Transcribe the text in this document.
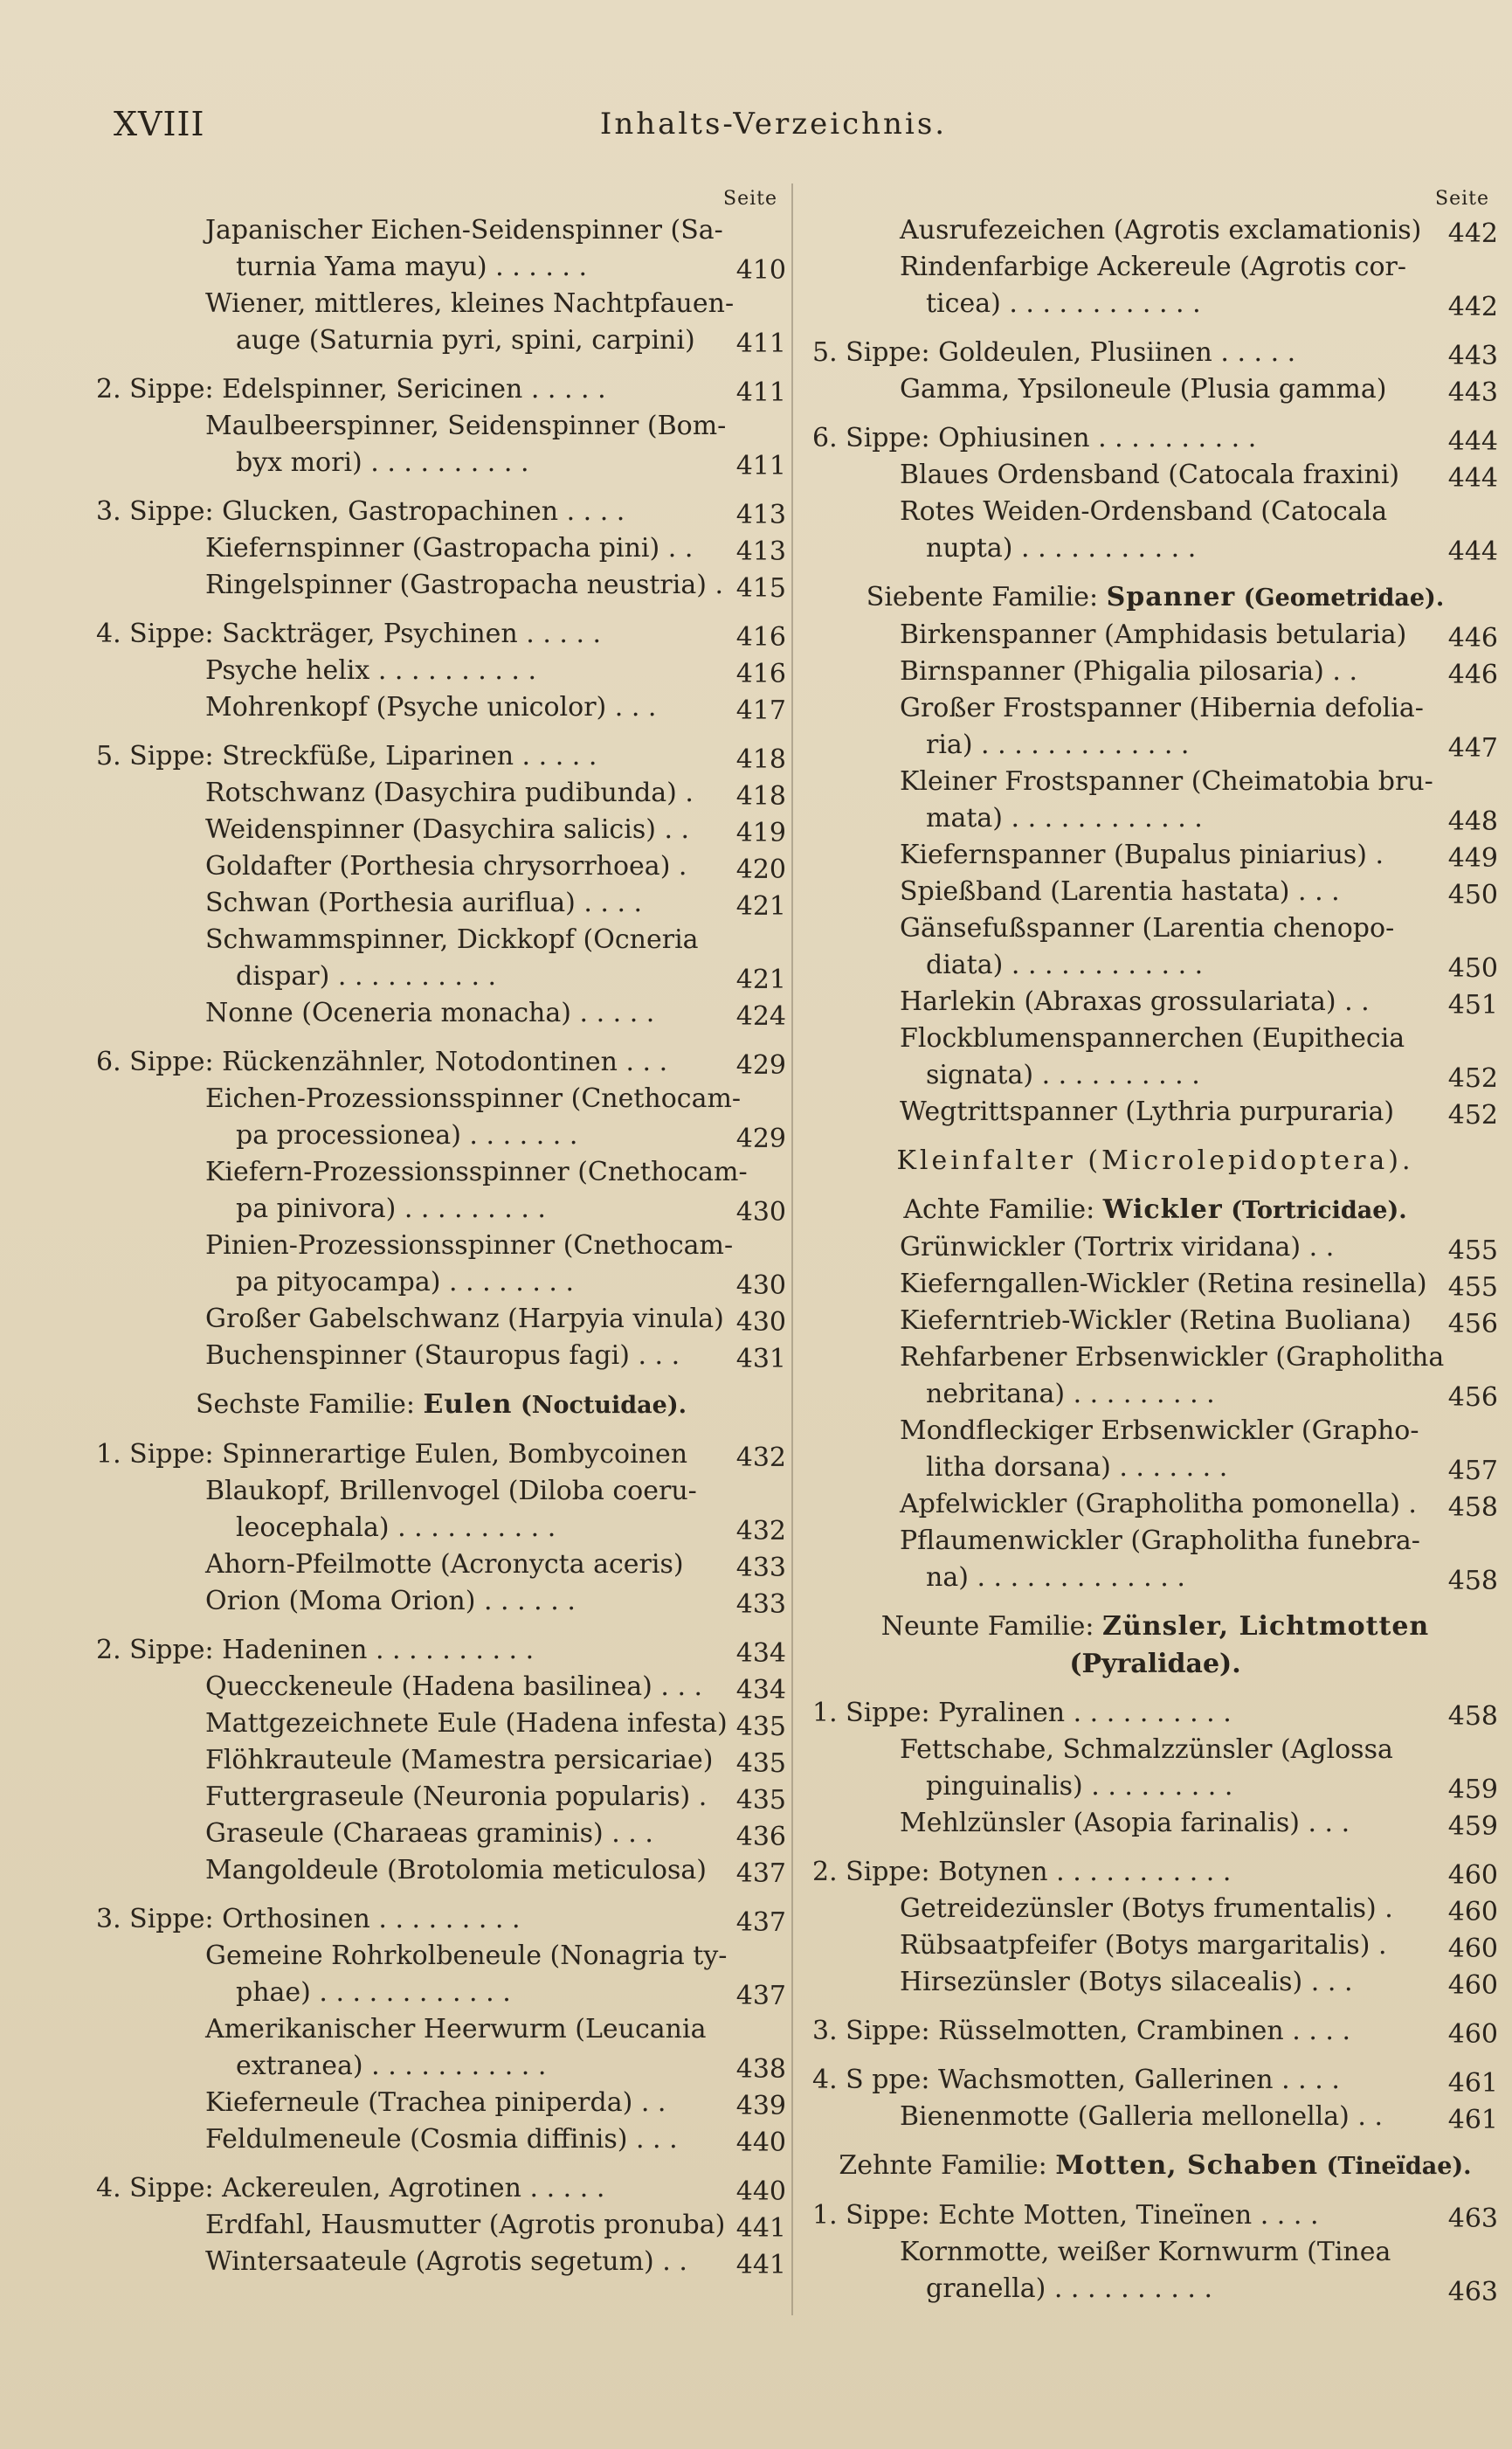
XVIII	Inhalts-Verzeichnis.
Seite
Japanischer Eichen-Seidenspinner (Sa-
turnia Yama mayu) . . . . . .	410
Wiener, mittleres, kleines Nachtpfauen-
auge (Saturnia pyri, spini, carpini) 411
2. Sippe: Edelspinner, Sericinen . . . . .	411
Maulbeerspinner, Seidenspinner (Bom-
byx mori) . . . . . . . . . .	411
3. Sippe: Glucken, Gastropachinen . . . .	413
Kiefernspinner (Gastropacha pini) . . 413
Ringelspinner (Gastropacha neustria) . 415
4. Sippe: Sackträger, Psychinen . . . . .	416
Psyche helix . . . . . . . . . .	416
Mohrenkopf (Psyche unicolor) . . .	417
5. Sippe: Streckfüße, Liparinen . . . . .	418
Rotschwanz (Dasychira pudibunda) . 418
Weidenspinner (Dasychira salicis) . . 419
Goldafter (Porthesia chrysorrhoea) . 420
Schwan (Porthesia auriflua) . . . .	421
Schwammspinner, Dickkopf (Ocneria
dispar) . . . . . . . . . .	421
Nonne (Oceneria monacha) . . . . .	424
6. Sippe: Rückenzähnler, Notodontinen . . .	429
Eichen-Prozessionsspinner (Cnethocam-
pa processionea) . . . . . . .	429
Kiefern-Prozessionsspinner (Cnethocam-
pa pinivora) . . . . . . . . .	430
Pinien-Prozessionsspinner (Cnethocam-
pa pityocampa) . . . . . . . .	430
Großer Gabelschwanz (Harpyia vinula) 430
Buchenspinner (Stauropus fagi) . . . 431
Sechste Familie: Eulen (Noctuidae).
1. Sippe: Spinnerartige Eulen, Bombycoinen 432
Blaukopf, Brillenvogel (Diloba coeru-
leocephala) . . . . . . . . . .	432
Ahorn-Pfeilmotte (Acronycta aceris) 433
Orion (Moma Orion) . . . . . .	433
2. Sippe: Hadeninen . . . . . . . . . .	434
Quecckeneule (Hadena basilinea) . . . 434
Mattgezeichnete Eule (Hadena infesta) 435
Flöhkrauteule (Mamestra persicariae) 435
Futtergraseule (Neuronia popularis) . 435
Graseule (Charaeas graminis) . . .	436
Mangoldeule (Brotolomia meticulosa) 437
3. Sippe: Orthosinen . . . . . . . . .	437
Gemeine Rohrkolbeneule (Nonagria ty-
phae) . . . . . . . . . . . .	437
Amerikanischer Heerwurm (Leucania
extranea) . . . . . . . . . . .	438
Kieferneule (Trachea piniperda) . .	439
Feldulmeneule (Cosmia diffinis) . . . 440
4. Sippe: Ackereulen, Agrotinen . . . . .	440
Erdfahl, Hausmutter (Agrotis pronuba) 441
Wintersaateule (Agrotis segetum) . . 441
Seite
Ausrufezeichen (Agrotis exclamationis) 442
Rindenfarbige Ackereule (Agrotis cor-
ticea) . . . . . . . . . . . .	442
5. Sippe: Goldeulen, Plusiinen . . . . .	443
Gamma, Ypsiloneule (Plusia gamma) 443
6. Sippe: Ophiusinen . . . . . . . . . .	444
Blaues Ordensband (Catocala fraxini) 444
Rotes Weiden-Ordensband (Catocala
nupta) . . . . . . . . . . .	444
Siebente Familie: Spanner (Geometridae).
Birkenspanner (Amphidasis betularia) 446
Birnspanner (Phigalia pilosaria) . .	446
Großer Frostspanner (Hibernia defolia-
ria) . . . . . . . . . . . . .	447
Kleiner Frostspanner (Cheimatobia bru-
mata) . . . . . . . . . . . .	448
Kiefernspanner (Bupalus piniarius) . 449
Spießband (Larentia hastata) . . .	450
Gänsefußspanner (Larentia chenopo-
diata) . . . . . . . . . . . .	450
Harlekin (Abraxas grossulariata) . .	451
Flockblumenspannerchen (Eupithecia
signata) . . . . . . . . . .	452
Wegtrittspanner (Lythria purpuraria) 452
Kleinfalter (Microlepidoptera).
Achte Familie: Wickler (Tortricidae).
Grünwickler (Tortrix viridana) . .	455
Kieferngallen-Wickler (Retina resinella) 455
Kieferntrieb-Wickler (Retina Buoliana) 456
Rehfarbener Erbsenwickler (Grapholitha
nebritana) . . . . . . . . .	456
Mondfleckiger Erbsenwickler (Grapho-
litha dorsana) . . . . . . .	457
Apfelwickler (Grapholitha pomonella) . 458
Pflaumenwickler (Grapholitha funebra-
na) . . . . . . . . . . . . .	458
Neunte Familie: Zünsler, Lichtmotten
(Pyralidae).
1. Sippe: Pyralinen . . . . . . . . . .	458
Fettschabe, Schmalzzünsler (Aglossa
pinguinalis) . . . . . . . . .	459
Mehlzünsler (Asopia farinalis) . . .	459
2. Sippe: Botynen . . . . . . . . . . .	460
Getreidezünsler (Botys frumentalis) . 460
Rübsaatpfeifer (Botys margaritalis) . 460
Hirsezünsler (Botys silacealis) . . .	460
3. Sippe: Rüsselmotten, Crambinen . . . .	460
4. S ppe: Wachsmotten, Gallerinen . . . .	461
Bienenmotte (Galleria mellonella) . . 461
Zehnte Familie: Motten, Schaben (Tineïdae).
1. Sippe: Echte Motten, Tineïnen . . . .	463
Kornmotte, weißer Kornwurm (Tinea
granella) . . . . . . . . . .	463
